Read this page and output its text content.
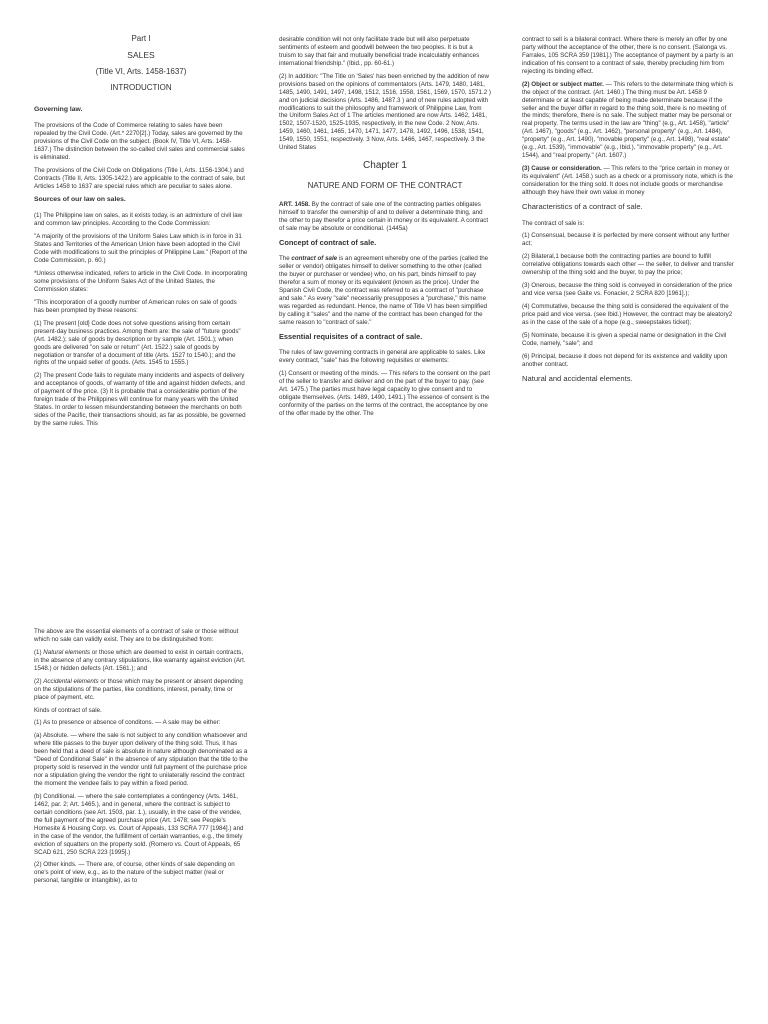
Part I

SALES

(Title VI, Arts. 1458-1637)

INTRODUCTION

Governing law.

The provisions of the Code of Commerce relating to sales have been repealed by the Civil Code. (Art.* 2270[2].) Today, sales are governed by the provisions of the Civil Code on the subject. (Book IV, Title VI, Arts. 1458-1637.) The distinction between the so-called civil sales and commercial sales is eliminated.

The provisions of the Civil Code on Obligations (Title I, Arts. 1156-1304.) and Contracts (Title II, Arts. 1305-1422.) are applicable to the contract of sale, but Articles 1458 to 1637 are special rules which are peculiar to sales alone.

Sources of our law on sales.

(1) The Philippine law on sales, as it exists today, is an admixture of civil law and common law principles. According to the Code Commission:

"A majority of the provisions of the Uniform Sales Law which is in force in 31 States and Territories of the American Union have been adopted in the Civil Code with modifications to suit the principles of Philippine Law." (Report of the Code Commission, p. 60.)

*Unless otherwise indicated, refers to article in the Civil Code. In incorporating some provisions of the Uniform Sales Act of the United States, the Commission states:

"This incorporation of a goodly number of American rules on sale of goods has been prompted by these reasons:

(1) The present [old] Code does not solve questions arising from certain present-day business practices. Among them are: the sale of "future goods" (Art. 1482.); sale of goods by description or by sample (Art. 1501.); when goods are delivered "on sale or return" (Art. 1522.) sale of goods by negotiation or transfer of a document of title (Arts. 1527 to 1540.); and the rights of the unpaid seller of goods. (Arts. 1545 to 1555.)

(2) The present Code fails to regulate many incidents and aspects of delivery and acceptance of goods, of warranty of title and against hidden defects, and of payment of the price. (3) It is probable that a considerable portion of the foreign trade of the Philippines will continue for many years with the United States. In order to lessen misunderstanding between the merchants on both sides of the Pacific, their transactions should, as far as possible, be governed by the same rules. This

desirable condition will not only facilitate trade but will also perpetuate sentiments of esteem and goodwill between the two peoples. It is but a truism to say that fair and mutually beneficial trade incalculably enhances international friendship." (Ibid., pp. 60-61.)

(2) In addition: "The Title on 'Sales' has been enriched by the addition of new provisions based on the opinions of commentators (Arts. 1479, 1480, 1481, 1485, 1490, 1491, 1497, 1498, 1512, 1516, 1558, 1561, 1569, 1570, 1571.2 ) and on judicial decisions (Arts. 1486, 1487.3 ) and of new rules adopted with modifications to suit the philosophy and framework of Philippine Law, from the Uniform Sales Act of 1 The articles mentioned are now Arts. 1462, 1481, 1502, 1507-1520, 1525-1935, respectively, in the new Code. 2 Now, Arts. 1459, 1460, 1461, 1465, 1470, 1471, 1477, 1478, 1492, 1496, 1538, 1541, 1549, 1550, 1551, respectively. 3 Now, Arts. 1466, 1467, respectively. 3 the United States

Chapter 1

NATURE AND FORM OF THE CONTRACT

ART. 1458. By the contract of sale one of the contracting parties obligates himself to transfer the ownership of and to deliver a determinate thing, and the other to pay therefor a price certain in money or its equivalent. A contract of sale may be absolute or conditional. (1445a)

Concept of contract of sale.

The contract of sale is an agreement whereby one of the parties (called the seller or vendor) obligates himself to deliver something to the other (called the buyer or purchaser or vendee) who, on his part, binds himself to pay therefor a sum of money or its equivalent (known as the price). Under the Spanish Civil Code, the contract was referred to as a contract of "purchase and sale." As every "sale" necessarily presupposes a "purchase," this name was regarded as redundant. Hence, the name of Title VI has been simplified by calling it "sales" and the name of the contract has been changed for the same reason to "contract of sale."

Essential requisites of a contract of sale.

The rules of law governing contracts in general are applicable to sales. Like every contract, "sale" has the following requisites or elements:

(1) Consent or meeting of the minds. — This refers to the consent on the part of the seller to transfer and deliver and on the part of the buyer to pay. (see Art. 1475.) The parties must have legal capacity to give consent and to obligate themselves. (Arts. 1489, 1490, 1491.) The essence of consent is the conformity of the parties on the terms of the contract, the acceptance by one of the offer made by the other. The

contract to sell is a bilateral contract. Where there is merely an offer by one party without the acceptance of the other, there is no consent. (Salonga vs. Farrales, 105 SCRA 359 [1981].) The acceptance of payment by a party is an indication of his consent to a contract of sale, thereby precluding him from rejecting its binding effect.

(2) Object or subject matter. — This refers to the determinate thing which is the object of the contract. (Art. 1460.) The thing must be Art. 1458 9 determinate or at least capable of being made determinate because if the seller and the buyer differ in regard to the thing sold, there is no meeting of the minds; therefore, there is no sale. The subject matter may be personal or real property. The terms used in the law are "thing" (e.g., Art. 1458), "article" (Art. 1467), "goods" (e.g., Art. 1462), "personal property" (e.g., Art. 1484), "property" (e.g., Art. 1490), "movable property" (e.g., Art. 1498), "real estate" (e.g., Art. 1539), "immovable" (e.g., Ibid.), "immovable property" (e.g., Art. 1544), and "real property." (Art. 1607.)

(3) Cause or consideration. — This refers to the "price certain in money or its equivalent" (Art. 1458.) such as a check or a promissory note, which is the consideration for the thing sold. It does not include goods or merchandise although they have their own value in money

Characteristics of a contract of sale.

The contract of sale is:

(1) Consensual, because it is perfected by mere consent without any further act;

(2) Bilateral,1 because both the contracting parties are bound to fulfill correlative obligations towards each other — the seller, to deliver and transfer ownership of the thing sold and the buyer, to pay the price;

(3) Onerous, because the thing sold is conveyed in consideration of the price and vice versa (see Gaite vs. Fonacier, 2 SCRA 820 [1961].);

(4) Commutative, because the thing sold is considered the equivalent of the price paid and vice versa. (see Ibid.) However, the contract may be aleatory2 as in the case of the sale of a hope (e.g., sweepstakes ticket);

(5) Nominate, because it is given a special name or designation in the Civil Code, namely, "sale"; and

(6) Principal, because it does not depend for its existence and validity upon another contract.

Natural and accidental elements.

The above are the essential elements of a contract of sale or those without which no sale can validly exist. They are to be distinguished from:

(1) Natural elements or those which are deemed to exist in certain contracts, in the absence of any contrary stipulations, like warranty against eviction (Art. 1548.) or hidden defects (Art. 1561.); and

(2) Accidental elements or those which may be present or absent depending on the stipulations of the parties, like conditions, interest, penalty, time or place of payment, etc.

Kinds of contract of sale.

(1) As to presence or absence of conditons. — A sale may be either:

(a) Absolute. — where the sale is not subject to any condition whatsoever and where title passes to the buyer upon delivery of the thing sold. Thus, it has been held that a deed of sale is absolute in nature although denominated as a "Deed of Conditional Sale" in the absence of any stipulation that the title to the property sold is reserved in the vendor until full payment of the purchase price nor a stipulation giving the vendor the right to unilaterally rescind the contract the moment the vendee fails to pay within a fixed period.

(b) Conditional. — where the sale contemplates a contingency (Arts. 1461, 1462, par. 2; Art. 1465.), and in general, where the contract is subject to certain conditions (see Art. 1503, par. 1.), usually, in the case of the vendee, the full payment of the agreed purchase price (Art. 1478; see People's Homesite & Housing Corp. vs. Court of Appeals, 133 SCRA 777 [1984].) and in the case of the vendor, the fulfillment of certain warranties, e.g., the timely eviction of squatters on the property sold. (Romero vs. Court of Appeals, 65 SCAD 621, 250 SCRA 223 [1995].)

(2) Other kinds. — There are, of course, other kinds of sale depending on one's point of view, e.g., as to the nature of the subject matter (real or personal, tangible or intangible), as to
